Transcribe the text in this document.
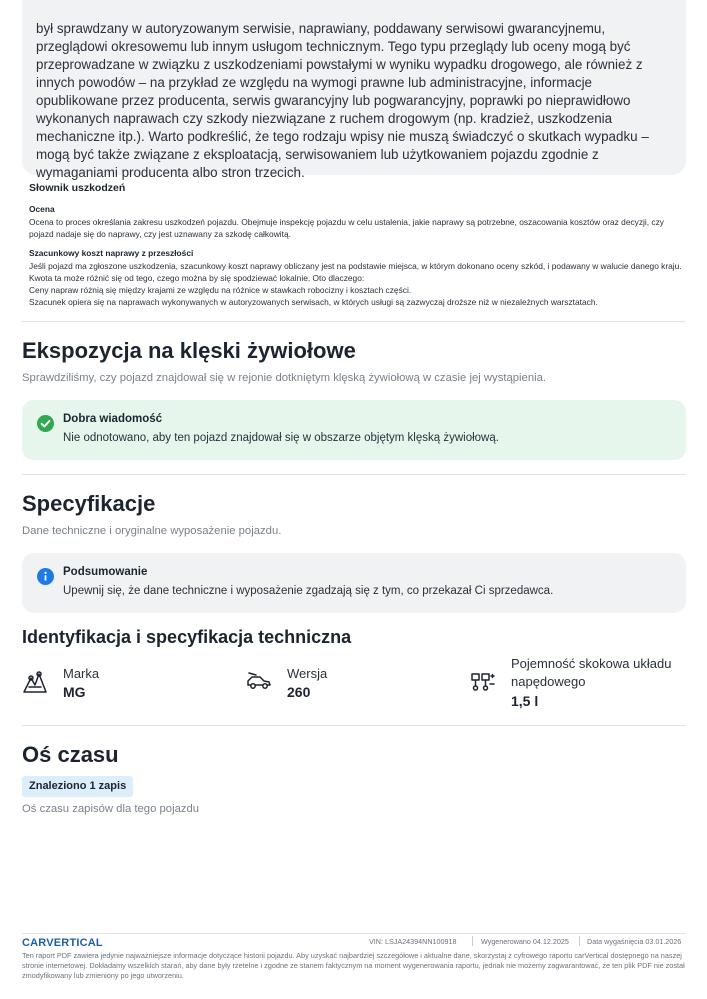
był sprawdzany w autoryzowanym serwisie, naprawiany, poddawany serwisowi gwarancyjnemu, przeglądowi okresowemu lub innym usługom technicznym. Tego typu przeglądy lub oceny mogą być przeprowadzane w związku z uszkodzeniami powstałymi w wyniku wypadku drogowego, ale również z innych powodów – na przykład ze względu na wymogi prawne lub administracyjne, informacje opublikowane przez producenta, serwis gwarancyjny lub pogwarancyjny, poprawki po nieprawidłowo wykonanych naprawach czy szkody niezwiązane z ruchem drogowym (np. kradzież, uszkodzenia mechaniczne itp.). Warto podkreślić, że tego rodzaju wpisy nie muszą świadczyć o skutkach wypadku – mogą być także związane z eksploatacją, serwisowaniem lub użytkowaniem pojazdu zgodnie z wymaganiami producenta albo stron trzecich.

Słownik uszkodzeń
Ocena
Ocena to proces określania zakresu uszkodzeń pojazdu. Obejmuje inspekcję pojazdu w celu ustalenia, jakie naprawy są potrzebne, oszacowania kosztów oraz decyzji, czy pojazd nadaje się do naprawy, czy jest uznawany za szkodę całkowitą.
Szacunkowy koszt naprawy z przeszłości
Jeśli pojazd ma zgłoszone uszkodzenia, szacunkowy koszt naprawy obliczany jest na podstawie miejsca, w którym dokonano oceny szkód, i podawany w walucie danego kraju. Kwota ta może różnić się od tego, czego można by się spodziewać lokalnie. Oto dlaczego:
Ceny napraw różnią się między krajami ze względu na różnice w stawkach robocizny i kosztach części.
Szacunek opiera się na naprawach wykonywanych w autoryzowanych serwisach, w których usługi są zazwyczaj droższe niż w niezależnych warsztatach.
Ekspozycja na klęski żywiołowe
Sprawdziliśmy, czy pojazd znajdował się w rejonie dotkniętym klęską żywiołową w czasie jej wystąpienia.
Dobra wiadomość
Nie odnotowano, aby ten pojazd znajdował się w obszarze objętym klęską żywiołową.
Specyfikacje
Dane techniczne i oryginalne wyposażenie pojazdu.
Podsumowanie
Upewnij się, że dane techniczne i wyposażenie zgadzają się z tym, co przekazał Ci sprzedawca.
Identyfikacja i specyfikacja techniczna
Marka
MG
Wersja
260
Pojemność skokowa układu
napędowego
1,5 l
Oś czasu
Znaleziono 1 zapis
Oś czasu zapisów dla tego pojazdu
CARVERTICAL	VIN: LSJA24394NN100918	Wygenerowano 04.12.2025	Data wygaśnięcia 03.01.2026
Ten raport PDF zawiera jedynie najważniejsze informacje dotyczące historii pojazdu. Aby uzyskać najbardziej szczegółowe i aktualne dane, skorzystaj z cyfrowego raportu carVertical dostępnego na naszej stronie internetowej. Dokładamy wszelkich starań, aby dane były rzetelne i zgodne ze stanem faktycznym na moment wygenerowania raportu, jednak nie możemy zagwarantować, że ten plik PDF nie został zmodyfikowany lub zmieniony po jego utworzeniu.
